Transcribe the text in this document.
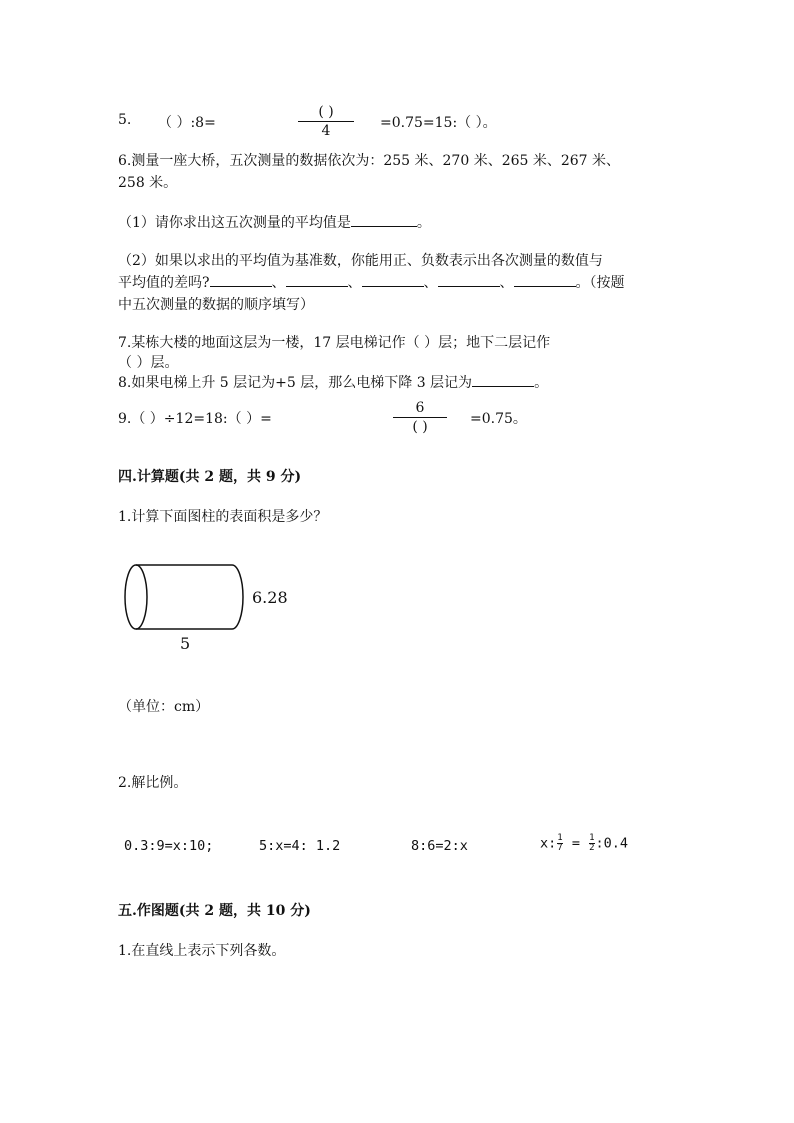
5. （ ）:8=
( )
4	=0.75=15:（ ）。
6.测量一座大桥，五次测量的数据依次为：255 米、270 米、265 米、267 米、
258 米。
（1）请你求出这五次测量的平均值是	。
（2）如果以求出的平均值为基准数，你能用正、负数表示出各次测量的数值与
平均值的差吗?	、	、	、	、	。（按题
中五次测量的数据的顺序填写）
7.某栋大楼的地面这层为一楼，17 层电梯记作（ ）层；地下二层记作
（ ）层。
8.如果电梯上升 5 层记为+5 层，那么电梯下降 3 层记为	。
9.（ ）÷12=18:（ ）=
6
( )	=0.75。
四.计算题(共 2 题，共 9 分)
1.计算下面图柱的表面积是多少？
6.28
5
（单位：cm）
2.解比例。
0.3:9=x:10;	5:x=4: 1.2	8:6=2:x	x: $\frac{1}{7} = \frac{1}{2}$ :0.4
五.作图题(共 2 题，共 10 分)
1.在直线上表示下列各数。
